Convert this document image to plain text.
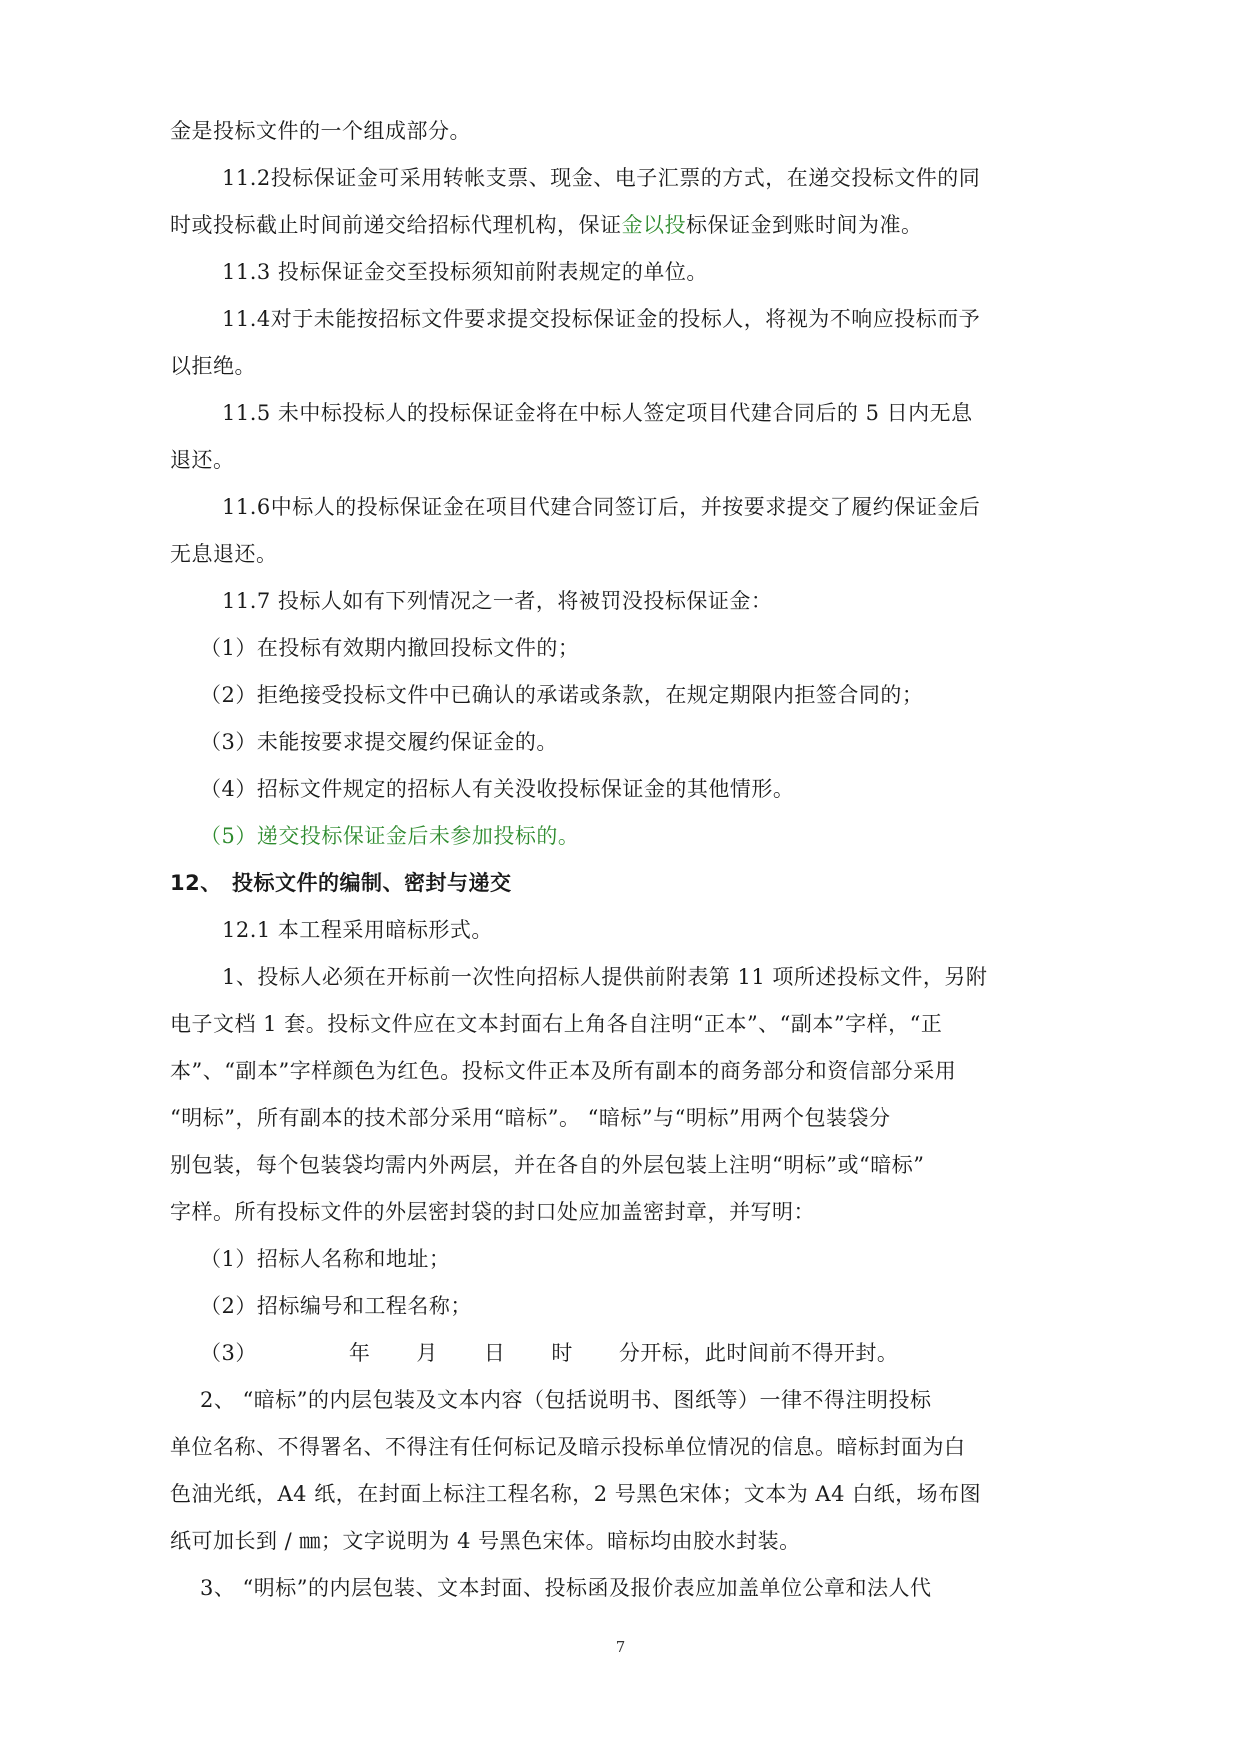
金是投标文件的一个组成部分。
11.2投标保证金可采用转帐支票、现金、电子汇票的方式，在递交投标文件的同
时或投标截止时间前递交给招标代理机构，保证金以投标保证金到账时间为准。
11.3 投标保证金交至投标须知前附表规定的单位。
11.4对于未能按招标文件要求提交投标保证金的投标人，将视为不响应投标而予
以拒绝。
11.5 未中标投标人的投标保证金将在中标人签定项目代建合同后的 5 日内无息
退还。
11.6中标人的投标保证金在项目代建合同签订后，并按要求提交了履约保证金后
无息退还。
11.7 投标人如有下列情况之一者，将被罚没投标保证金：
（1）在投标有效期内撤回投标文件的；
（2）拒绝接受投标文件中已确认的承诺或条款，在规定期限内拒签合同的；
（3）未能按要求提交履约保证金的。
（4）招标文件规定的招标人有关没收投标保证金的其他情形。
（5）递交投标保证金后未参加投标的。
12、 投标文件的编制、密封与递交
12.1 本工程采用暗标形式。
1、投标人必须在开标前一次性向招标人提供前附表第 11 项所述投标文件，另附
电子文档 1 套。投标文件应在文本封面右上角各自注明“正本”、“副本”字样，“正
本”、“副本”字样颜色为红色。投标文件正本及所有副本的商务部分和资信部分采用
“明标”，所有副本的技术部分采用“暗标”。 “暗标”与“明标”用两个包装袋分
别包装，每个包装袋均需内外两层，并在各自的外层包装上注明“明标”或“暗标”
字样。所有投标文件的外层密封袋的封口处应加盖密封章，并写明：
（1）招标人名称和地址；
（2）招标编号和工程名称；
（3）	年 月 日 时 分开标，此时间前不得开封。
2、 “暗标”的内层包装及文本内容（包括说明书、图纸等）一律不得注明投标
单位名称、不得署名、不得注有任何标记及暗示投标单位情况的信息。暗标封面为白
色油光纸，A4 纸，在封面上标注工程名称，2 号黑色宋体；文本为 A4 白纸，场布图
纸可加长到 / ㎜；文字说明为 4 号黑色宋体。暗标均由胶水封装。
3、 “明标”的内层包装、文本封面、投标函及报价表应加盖单位公章和法人代
7
